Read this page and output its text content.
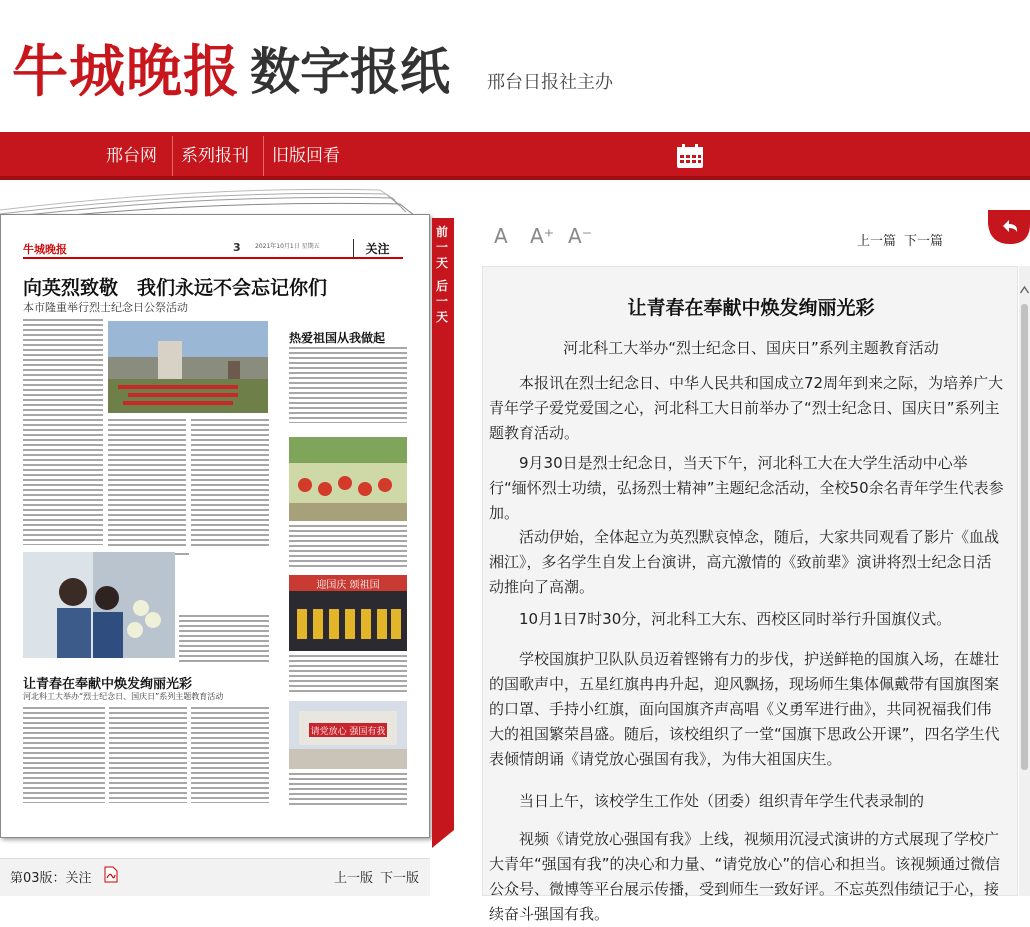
牛城晚报 数字报纸 邢台日报社主办
邢台网	系列报刊	旧版回看
牛城晚报	3 2021年10月1日 星期五	关注
向英烈致敬　我们永远不会忘记你们
本市隆重举行烈士纪念日公祭活动
热爱祖国从我做起
迎国庆 颂祖国
让青春在奉献中焕发绚丽光彩
河北科工大举办“烈士纪念日、国庆日”系列主题教育活动
请党放心 强国有我
第03版：关注	上一版 下一版
前
一
天
后
一
天
A A⁺ A⁻	上一篇 下一篇
让青春在奉献中焕发绚丽光彩
河北科工大举办“烈士纪念日、国庆日”系列主题教育活动

本报讯在烈士纪念日、中华人民共和国成立72周年到来之际，为培养广大青年学子爱党爱国之心，河北科工大日前举办了“烈士纪念日、国庆日”系列主题教育活动。

9月30日是烈士纪念日，当天下午，河北科工大在大学生活动中心举行“缅怀烈士功绩，弘扬烈士精神”主题纪念活动，全校50余名青年学生代表参加。

活动伊始，全体起立为英烈默哀悼念，随后，大家共同观看了影片《血战湘江》，多名学生自发上台演讲，高亢激情的《致前辈》演讲将烈士纪念日活动推向了高潮。

10月1日7时30分，河北科工大东、西校区同时举行升国旗仪式。

学校国旗护卫队队员迈着铿锵有力的步伐，护送鲜艳的国旗入场，在雄壮的国歌声中，五星红旗冉冉升起，迎风飘扬，现场师生集体佩戴带有国旗图案的口罩、手持小红旗，面向国旗齐声高唱《义勇军进行曲》，共同祝福我们伟大的祖国繁荣昌盛。随后，该校组织了一堂“国旗下思政公开课”，四名学生代表倾情朗诵《请党放心强国有我》，为伟大祖国庆生。

当日上午，该校学生工作处（团委）组织青年学生代表录制的

视频《请党放心强国有我》上线，视频用沉浸式演讲的方式展现了学校广大青年“强国有我”的决心和力量、“请党放心”的信心和担当。该视频通过微信公众号、微博等平台展示传播，受到师生一致好评。不忘英烈伟绩记于心，接续奋斗强国有我。
